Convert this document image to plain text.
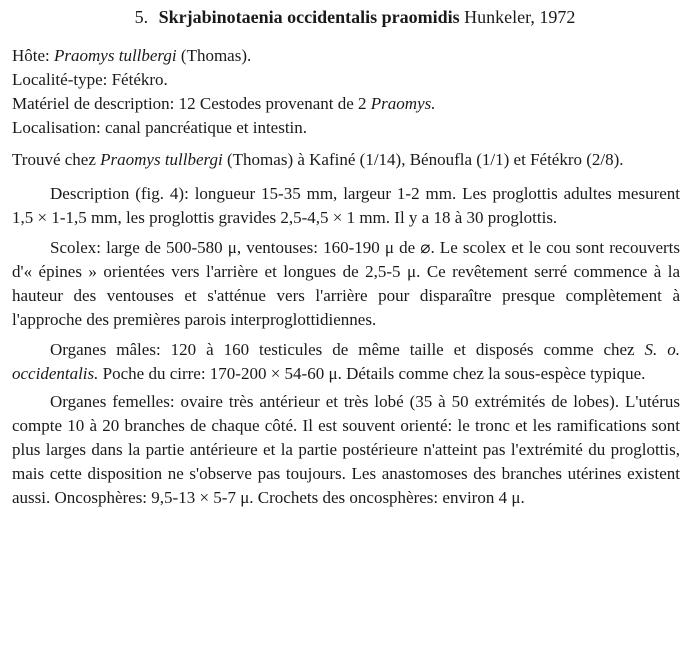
5. Skrjabinotaenia occidentalis praomidis Hunkeler, 1972

Hôte: Praomys tullbergi (Thomas).

Localité-type: Fétékro.

Matériel de description: 12 Cestodes provenant de 2 Praomys.

Localisation: canal pancréatique et intestin.

Trouvé chez Praomys tullbergi (Thomas) à Kafiné (1/14), Bénoufla (1/1) et Fétékro (2/8).

Description (fig. 4): longueur 15-35 mm, largeur 1-2 mm. Les proglottis adultes mesurent 1,5 × 1-1,5 mm, les proglottis gravides 2,5-4,5 × 1 mm. Il y a 18 à 30 proglottis.

Scolex: large de 500-580 μ, ventouses: 160-190 μ de ⌀. Le scolex et le cou sont recouverts d'« épines » orientées vers l'arrière et longues de 2,5-5 μ. Ce revêtement serré commence à la hauteur des ventouses et s'atténue vers l'arrière pour disparaître presque complètement à l'approche des premières parois interproglottidiennes.

Organes mâles: 120 à 160 testicules de même taille et disposés comme chez S. o. occidentalis. Poche du cirre: 170-200 × 54-60 μ. Détails comme chez la sous-espèce typique.

Organes femelles: ovaire très antérieur et très lobé (35 à 50 extrémités de lobes). L'utérus compte 10 à 20 branches de chaque côté. Il est souvent orienté: le tronc et les ramifications sont plus larges dans la partie antérieure et la partie postérieure n'atteint pas l'extrémité du proglottis, mais cette disposition ne s'observe pas toujours. Les anastomoses des branches utérines existent aussi. Oncosphères: 9,5-13 × 5-7 μ. Crochets des oncosphères: environ 4 μ.
